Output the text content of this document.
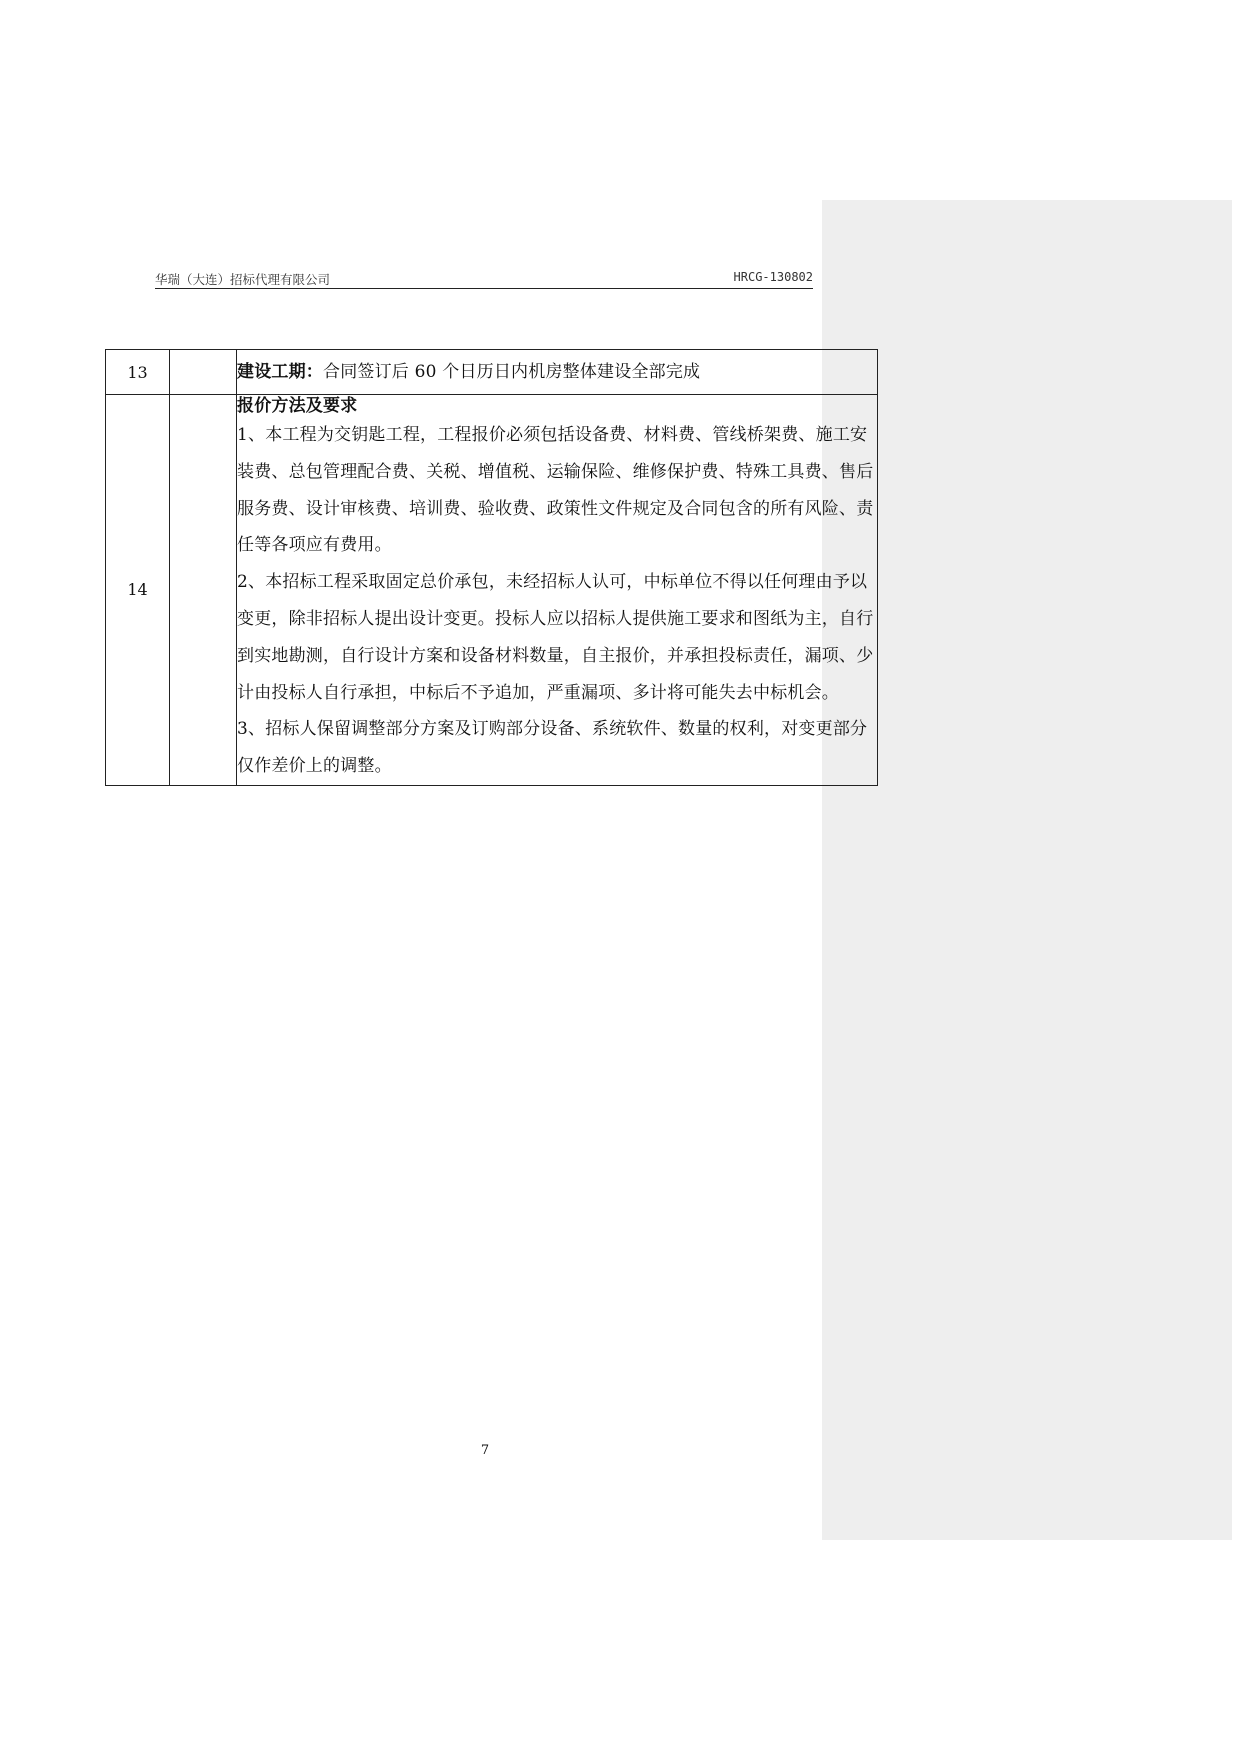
华瑞（大连）招标代理有限公司	HRCG-130802
13		建设工期：合同签订后 60 个日历日内机房整体建设全部完成
14		报价方法及要求
1、本工程为交钥匙工程，工程报价必须包括设备费、材料费、管线桥架费、施工安装费、总包管理配合费、关税、增值税、运输保险、维修保护费、特殊工具费、售后服务费、设计审核费、培训费、验收费、政策性文件规定及合同包含的所有风险、责任等各项应有费用。
2、本招标工程采取固定总价承包，未经招标人认可，中标单位不得以任何理由予以变更，除非招标人提出设计变更。投标人应以招标人提供施工要求和图纸为主，自行到实地勘测，自行设计方案和设备材料数量，自主报价，并承担投标责任，漏项、少计由投标人自行承担，中标后不予追加，严重漏项、多计将可能失去中标机会。
3、招标人保留调整部分方案及订购部分设备、系统软件、数量的权利，对变更部分仅作差价上的调整。
7
